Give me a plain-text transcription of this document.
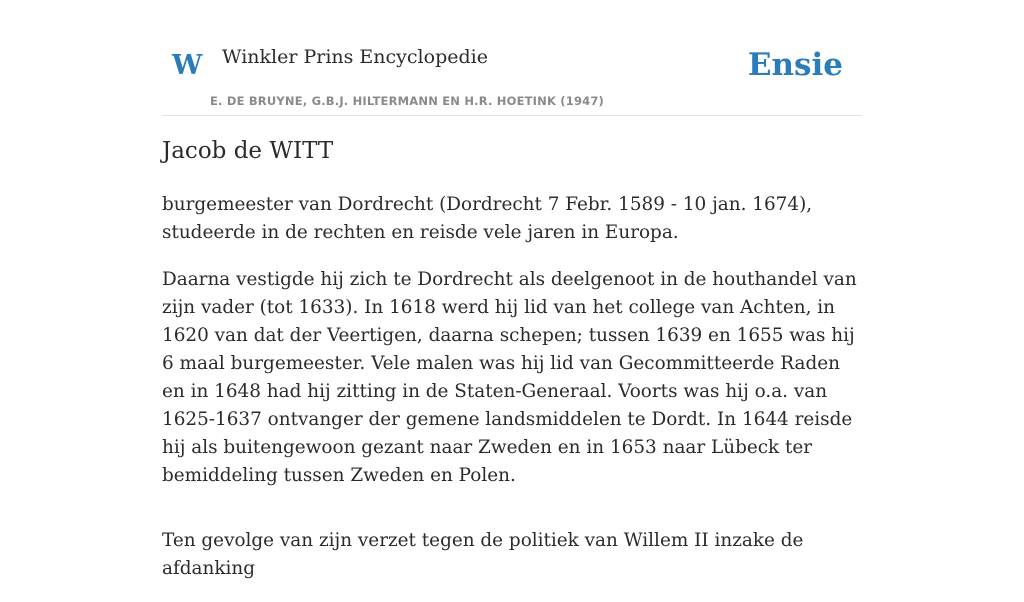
W Winkler Prins Encyclopedie
E. DE BRUYNE, G.B.J. HILTERMANN EN H.R. HOETINK (1947)
Ensie
Jacob de WITT

burgemeester van Dordrecht (Dordrecht 7 Febr. 1589 - 10 jan. 1674), studeerde in de rechten en reisde vele jaren in Europa.

Daarna vestigde hij zich te Dordrecht als deelgenoot in de houthandel van zijn vader (tot 1633). In 1618 werd hij lid van het college van Achten, in 1620 van dat der Veertigen, daarna schepen; tussen 1639 en 1655 was hij 6 maal burgemeester. Vele malen was hij lid van Gecommitteerde Raden en in 1648 had hij zitting in de Staten-Generaal. Voorts was hij o.a. van 1625-1637 ontvanger der gemene landsmiddelen te Dordt. In 1644 reisde hij als buitengewoon gezant naar Zweden en in 1653 naar Lübeck ter bemiddeling tussen Zweden en Polen.

Ten gevolge van zijn verzet tegen de politiek van Willem II inzake de afdanking
